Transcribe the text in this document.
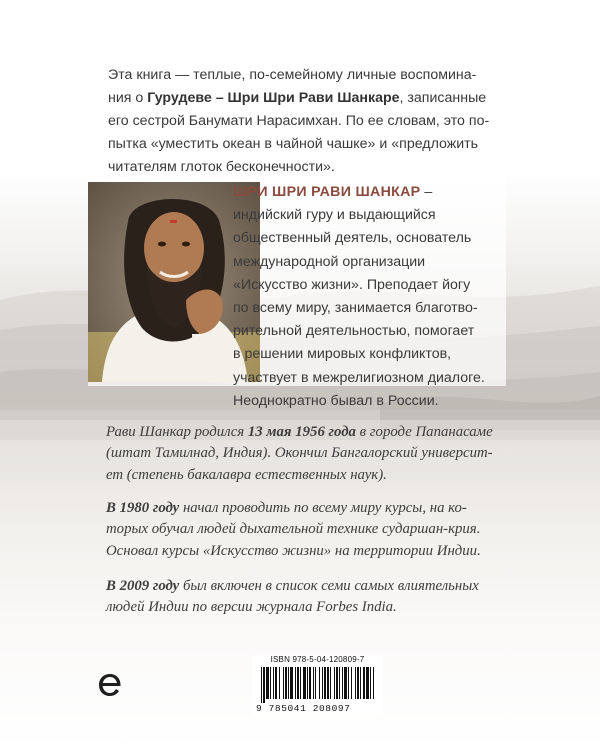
Эта книга — теплые, по-семейному личные воспомина-
ния о Гурудеве – Шри Шри Рави Шанкаре, записанные
его сестрой Банумати Нарасимхан. По ее словам, это по-
пытка «уместить океан в чайной чашке» и «предложить
читателям глоток бесконечности».

ШРИ ШРИ РАВИ ШАНКАР –
индийский гуру и выдающийся
общественный деятель, основатель
международной организации
«Искусство жизни». Преподает йогу
по всему миру, занимается благотво-
рительной деятельностью, помогает
в решении мировых конфликтов,
участвует в межрелигиозном диалоге.
Неоднократно бывал в России.

Рави Шанкар родился 13 мая 1956 года в городе Папанасаме
(штат Тамилнад, Индия). Окончил Бангалорский университ-
ет (степень бакалавра естественных наук).

В 1980 году начал проводить по всему миру курсы, на ко-
торых обучал людей дыхательной технике сударшан-крия.
Основал курсы «Искусство жизни» на территории Индии.

В 2009 году был включен в список семи самых влиятельных
людей Индии по версии журнала Forbes India.

ISBN 978-5-04-120809-7
9 785041 208097
